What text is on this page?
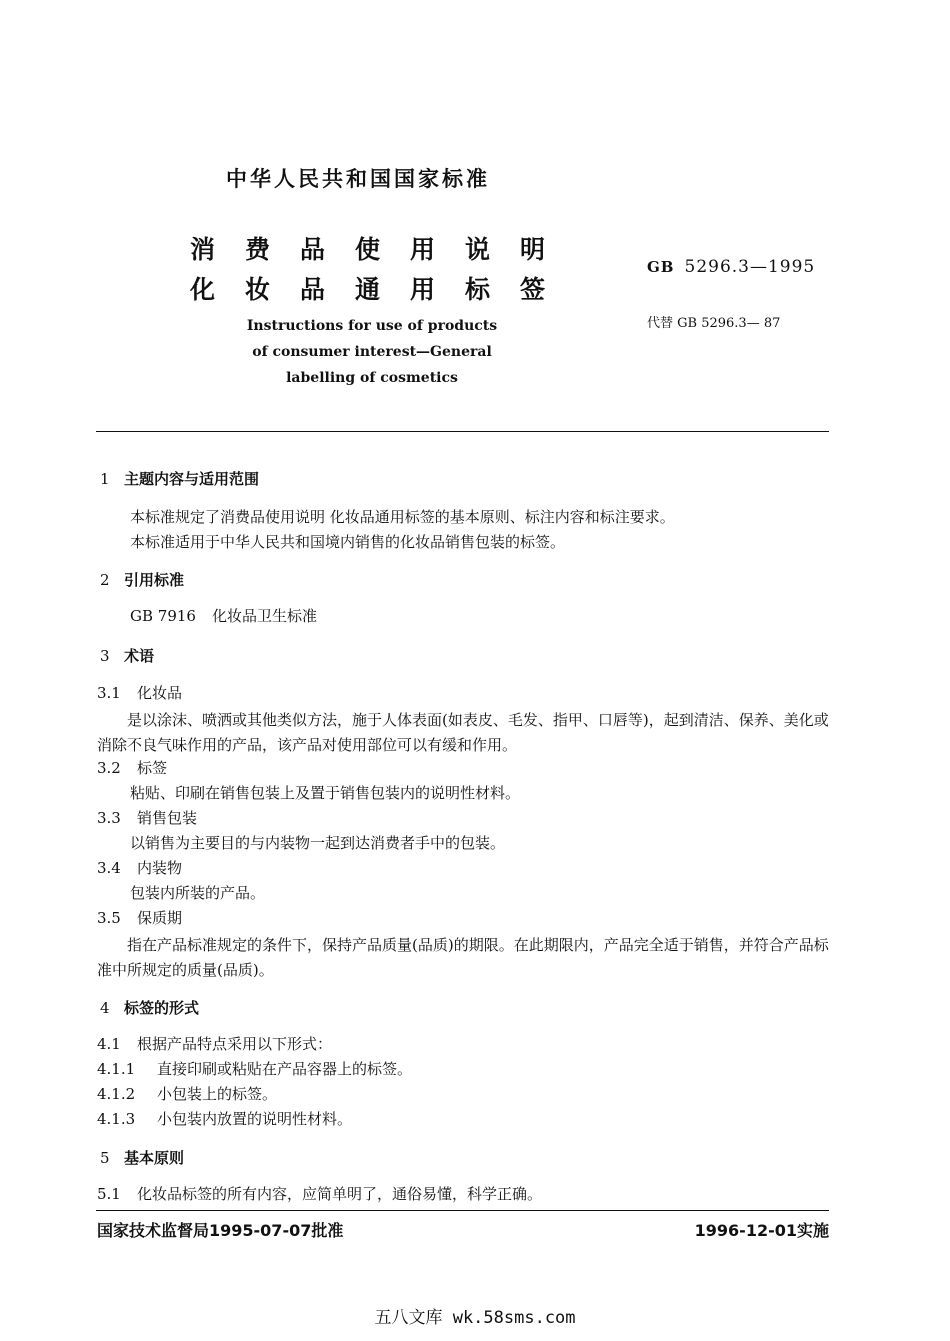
中华人民共和国国家标准
消费品使用说明
化妆品通用标签
Instructions for use of products
of consumer interest—General
labelling of cosmetics
GB 5296.3—1995
代替 GB 5296.3— 87
1 主题内容与适用范围
本标准规定了消费品使用说明 化妆品通用标签的基本原则、标注内容和标注要求。
本标准适用于中华人民共和国境内销售的化妆品销售包装的标签。
2 引用标准
GB 7916 化妆品卫生标准
3 术语
3.1 化妆品

是以涂沫、喷洒或其他类似方法，施于人体表面(如表皮、毛发、指甲、口唇等)，起到清洁、保养、美化或消除不良气味作用的产品，该产品对使用部位可以有缓和作用。

3.2 标签
粘贴、印刷在销售包装上及置于销售包装内的说明性材料。
3.3 销售包装
以销售为主要目的与内装物一起到达消费者手中的包装。
3.4 内装物
包装内所装的产品。
3.5 保质期

指在产品标准规定的条件下，保持产品质量(品质)的期限。在此期限内，产品完全适于销售，并符合产品标准中所规定的质量(品质)。

4 标签的形式
4.1 根据产品特点采用以下形式：
4.1.1 直接印刷或粘贴在产品容器上的标签。
4.1.2 小包装上的标签。
4.1.3 小包装内放置的说明性材料。
5 基本原则
5.1 化妆品标签的所有内容，应简单明了，通俗易懂，科学正确。
国家技术监督局1995-07-07批准	1996-12-01实施
五八文库 wk.58sms.com
